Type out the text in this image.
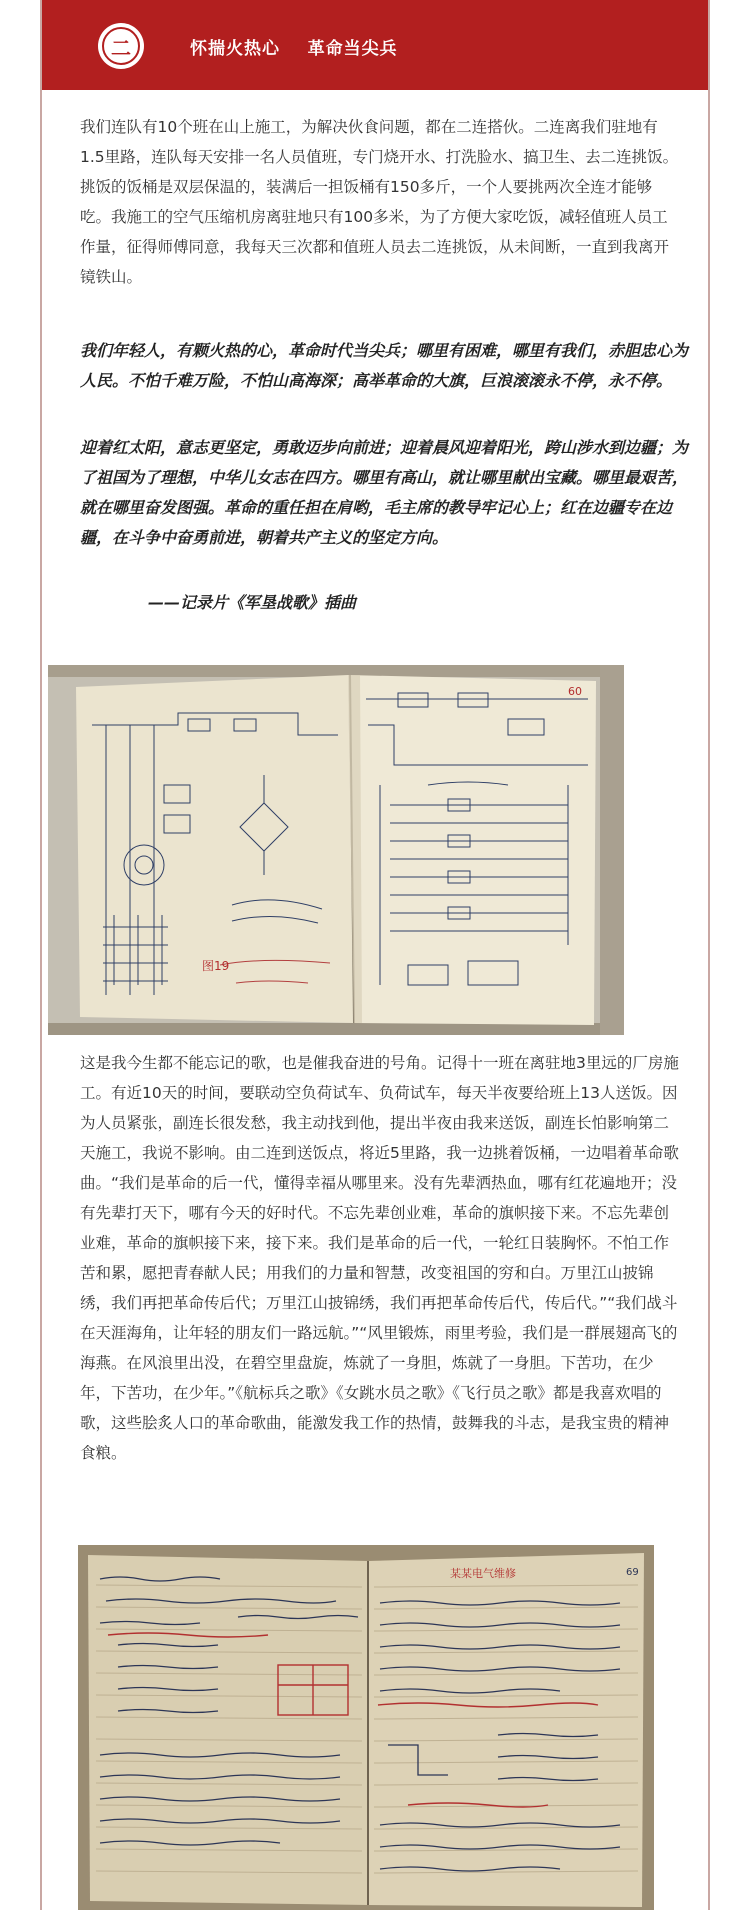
二	怀揣火热心    革命当尖兵

我们连队有10个班在山上施工，为解决伙食问题，都在二连搭伙。二连离我们驻地有1.5里路，连队每天安排一名人员值班，专门烧开水、打洗脸水、搞卫生、去二连挑饭。挑饭的饭桶是双层保温的，装满后一担饭桶有150多斤，一个人要挑两次全连才能够吃。我施工的空气压缩机房离驻地只有100多米，为了方便大家吃饭，减轻值班人员工作量，征得师傅同意，我每天三次都和值班人员去二连挑饭，从未间断，一直到我离开镜铁山。

我们年轻人，有颗火热的心，革命时代当尖兵；哪里有困难，哪里有我们，赤胆忠心为人民。不怕千难万险，不怕山高海深；高举革命的大旗，巨浪滚滚永不停，永不停。

迎着红太阳，意志更坚定，勇敢迈步向前进；迎着晨风迎着阳光，跨山涉水到边疆；为了祖国为了理想，中华儿女志在四方。哪里有高山，就让哪里献出宝藏。哪里最艰苦，就在哪里奋发图强。革命的重任担在肩哟，毛主席的教导牢记心上；红在边疆专在边疆，在斗争中奋勇前进，朝着共产主义的坚定方向。

——记录片《军垦战歌》插曲
60
图19

这是我今生都不能忘记的歌，也是催我奋进的号角。记得十一班在离驻地3里远的厂房施工。有近10天的时间，要联动空负荷试车、负荷试车，每天半夜要给班上13人送饭。因为人员紧张，副连长很发愁，我主动找到他，提出半夜由我来送饭，副连长怕影响第二天施工，我说不影响。由二连到送饭点，将近5里路，我一边挑着饭桶，一边唱着革命歌曲。“我们是革命的后一代，懂得幸福从哪里来。没有先辈洒热血，哪有红花遍地开；没有先辈打天下，哪有今天的好时代。不忘先辈创业难，革命的旗帜接下来。不忘先辈创业难，革命的旗帜接下来，接下来。我们是革命的后一代，一轮红日装胸怀。不怕工作苦和累，愿把青春献人民；用我们的力量和智慧，改变祖国的穷和白。万里江山披锦绣，我们再把革命传后代；万里江山披锦绣，我们再把革命传后代，传后代。”“我们战斗在天涯海角，让年轻的朋友们一路远航。”“风里锻炼，雨里考验，我们是一群展翅高飞的海燕。在风浪里出没，在碧空里盘旋，炼就了一身胆，炼就了一身胆。下苦功，在少年，下苦功，在少年。”《航标兵之歌》《女跳水员之歌》《飞行员之歌》都是我喜欢唱的歌，这些脍炙人口的革命歌曲，能激发我工作的热情，鼓舞我的斗志，是我宝贵的精神食粮。

69
某某电气维修
